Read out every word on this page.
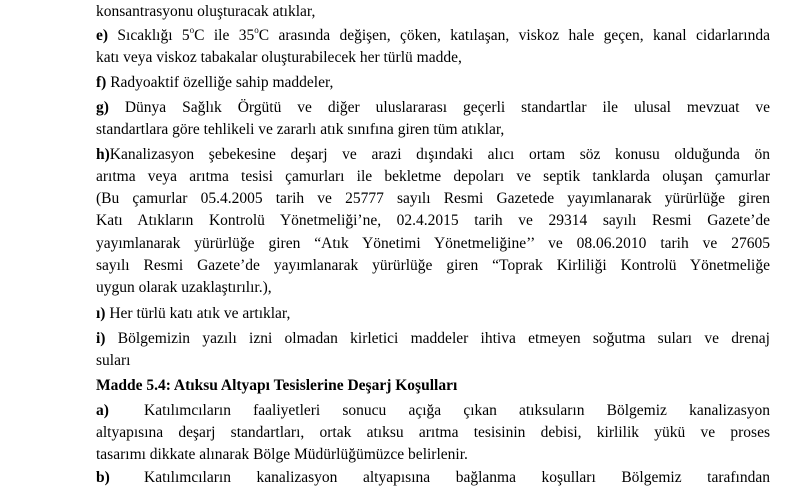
konsantrasyonu oluşturacak atıklar,
e) Sıcaklığı 5$^o$C ile 35$^o$C arasında değişen, çöken, katılaşan, viskoz hale geçen, kanal cidarlarında
katı veya viskoz tabakalar oluşturabilecek her türlü madde,
f) Radyoaktif özelliğe sahip maddeler,
g) Dünya Sağlık Örgütü ve diğer uluslararası geçerli standartlar ile ulusal mevzuat ve
standartlara göre tehlikeli ve zararlı atık sınıfına giren tüm atıklar,
h)Kanalizasyon şebekesine deşarj ve arazi dışındaki alıcı ortam söz konusu olduğunda ön
arıtma veya arıtma tesisi çamurları ile bekletme depoları ve septik tanklarda oluşan çamurlar
(Bu çamurlar 05.4.2005 tarih ve 25777 sayılı Resmi Gazetede yayımlanarak yürürlüğe giren
Katı Atıkların Kontrolü Yönetmeliği’ne, 02.4.2015 tarih ve 29314 sayılı Resmi Gazete’de
yayımlanarak yürürlüğe giren “Atık Yönetimi Yönetmeliğine’’ ve 08.06.2010 tarih ve 27605
sayılı Resmi Gazete’de yayımlanarak yürürlüğe giren “Toprak Kirliliği Kontrolü Yönetmeliğe
uygun olarak uzaklaştırılır.),
ı) Her türlü katı atık ve artıklar,
i) Bölgemizin yazılı izni olmadan kirletici maddeler ihtiva etmeyen soğutma suları ve drenaj
suları
Madde 5.4: Atıksu Altyapı Tesislerine Deşarj Koşulları
a) Katılımcıların faaliyetleri sonucu açığa çıkan atıksuların Bölgemiz kanalizasyon
altyapısına deşarj standartları, ortak atıksu arıtma tesisinin debisi, kirlilik yükü ve proses
tasarımı dikkate alınarak Bölge Müdürlüğümüzce belirlenir.
b) Katılımcıların kanalizasyon altyapısına bağlanma koşulları Bölgemiz tarafından
